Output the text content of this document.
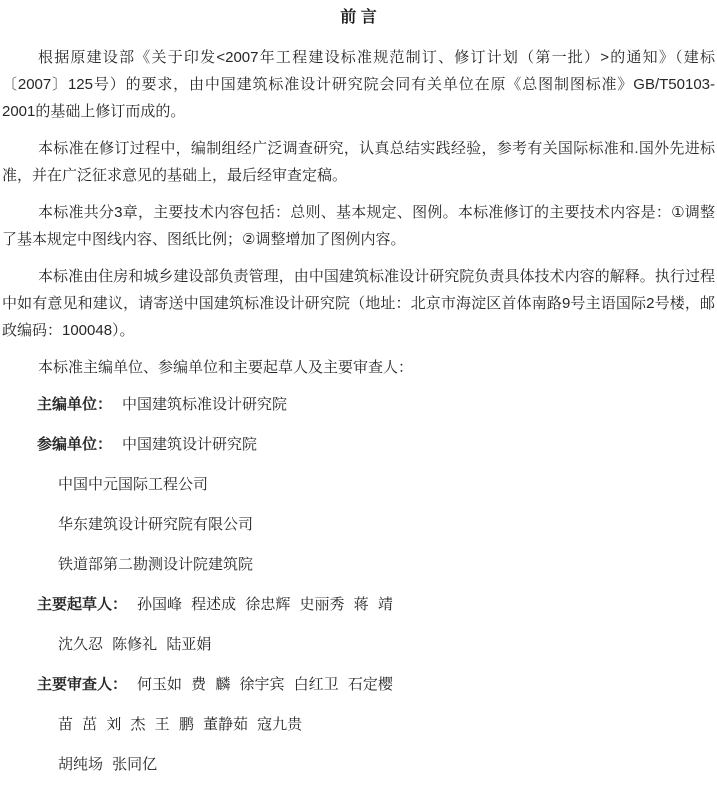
前 言

根据原建设部《关于印发<2007年工程建设标准规范制订、修订计划（第一批）>的通知》（建标〔2007〕125号）的要求，由中国建筑标准设计研究院会同有关单位在原《总图制图标准》GB/T50103-2001的基础上修订而成的。

本标准在修订过程中，编制组经广泛调查研究，认真总结实践经验，参考有关国际标准和.国外先进标准，并在广泛征求意见的基础上，最后经审查定稿。

本标准共分3章，主要技术内容包括：总则、基本规定、图例。本标准修订的主要技术内容是：①调整了基本规定中图线内容、图纸比例；②调整增加了图例内容。

本标准由住房和城乡建设部负责管理，由中国建筑标准设计研究院负责具体技术内容的解释。执行过程中如有意见和建议，请寄送中国建筑标准设计研究院（地址：北京市海淀区首体南路9号主语国际2号楼，邮政编码：100048）。

本标准主编单位、参编单位和主要起草人及主要审查人：

主编单位： 中国建筑标准设计研究院
参编单位： 中国建筑设计研究院
中国中元国际工程公司
华东建筑设计研究院有限公司
铁道部第二勘测设计院建筑院
主要起草人： 孙国峰 程述成 徐忠辉 史丽秀 蒋 靖
沈久忍 陈修礼 陆亚娟
主要审查人： 何玉如 费 麟 徐宇宾 白红卫 石定樱
苗 茁 刘 杰 王 鹏 董静茹 寇九贵
胡纯场 张同亿
